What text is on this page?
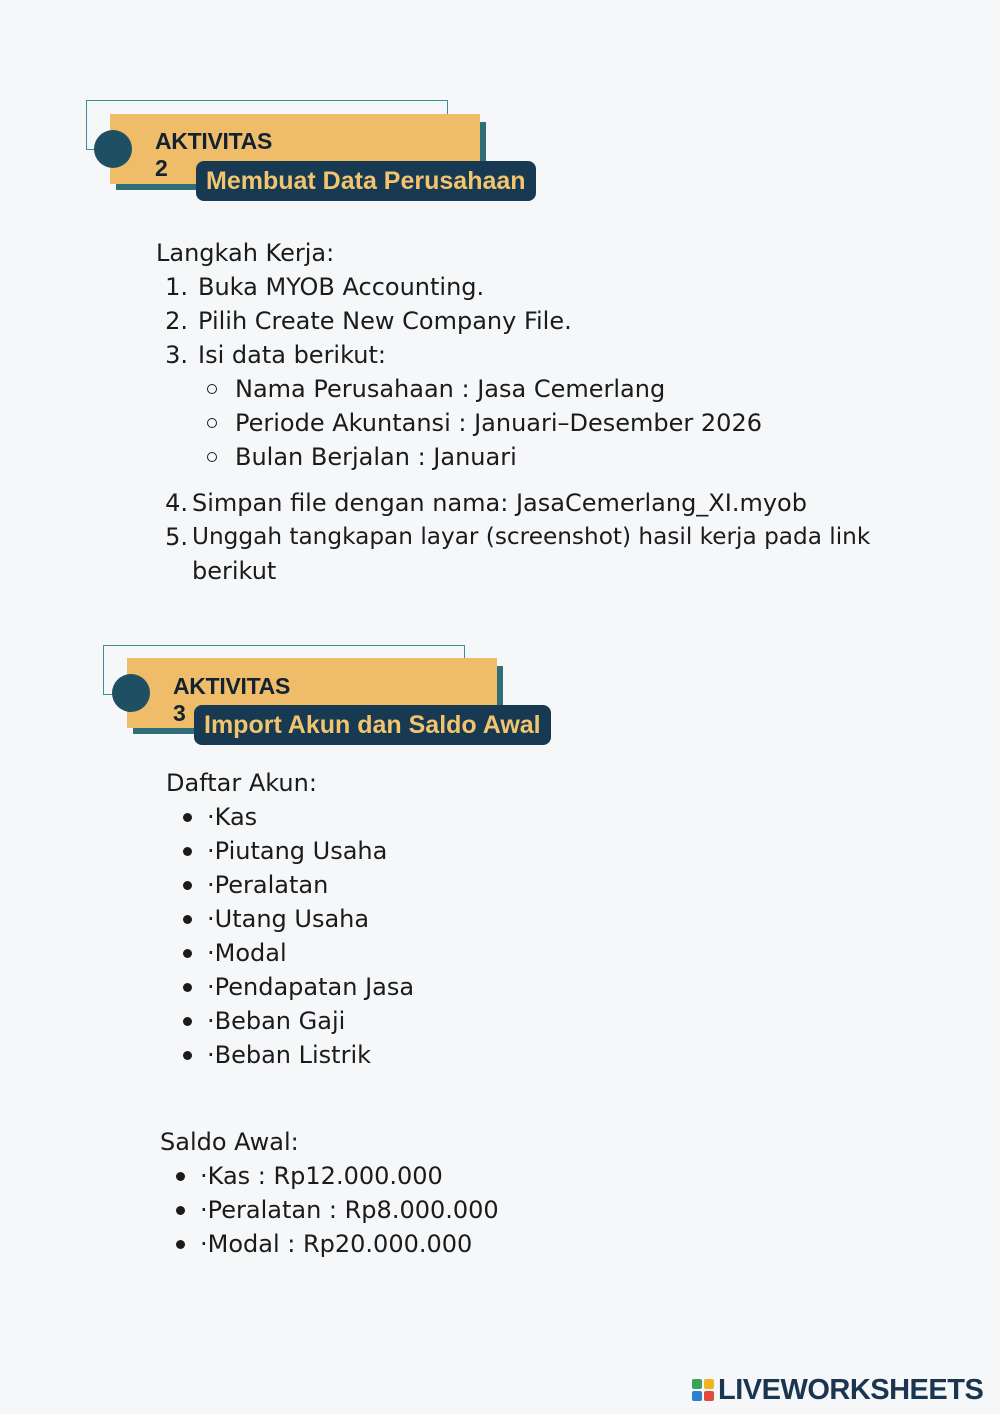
AKTIVITAS 2	Membuat Data Perusahaan
Langkah Kerja:
1. Buka MYOB Accounting.
2. Pilih Create New Company File.
3. Isi data berikut:
Nama Perusahaan : Jasa Cemerlang
Periode Akuntansi : Januari–Desember 2026
Bulan Berjalan : Januari
4. Simpan file dengan nama: JasaCemerlang_XI.myob
5. Unggah tangkapan layar (screenshot) hasil kerja pada link
berikut
AKTIVITAS 3 Import Akun dan Saldo Awal
Daftar Akun:
·Kas
·Piutang Usaha
·Peralatan
·Utang Usaha
·Modal
·Pendapatan Jasa
·Beban Gaji
·Beban Listrik
Saldo Awal:
·Kas : Rp12.000.000
·Peralatan : Rp8.000.000
·Modal : Rp20.000.000
LIVEWORKSHEETS
